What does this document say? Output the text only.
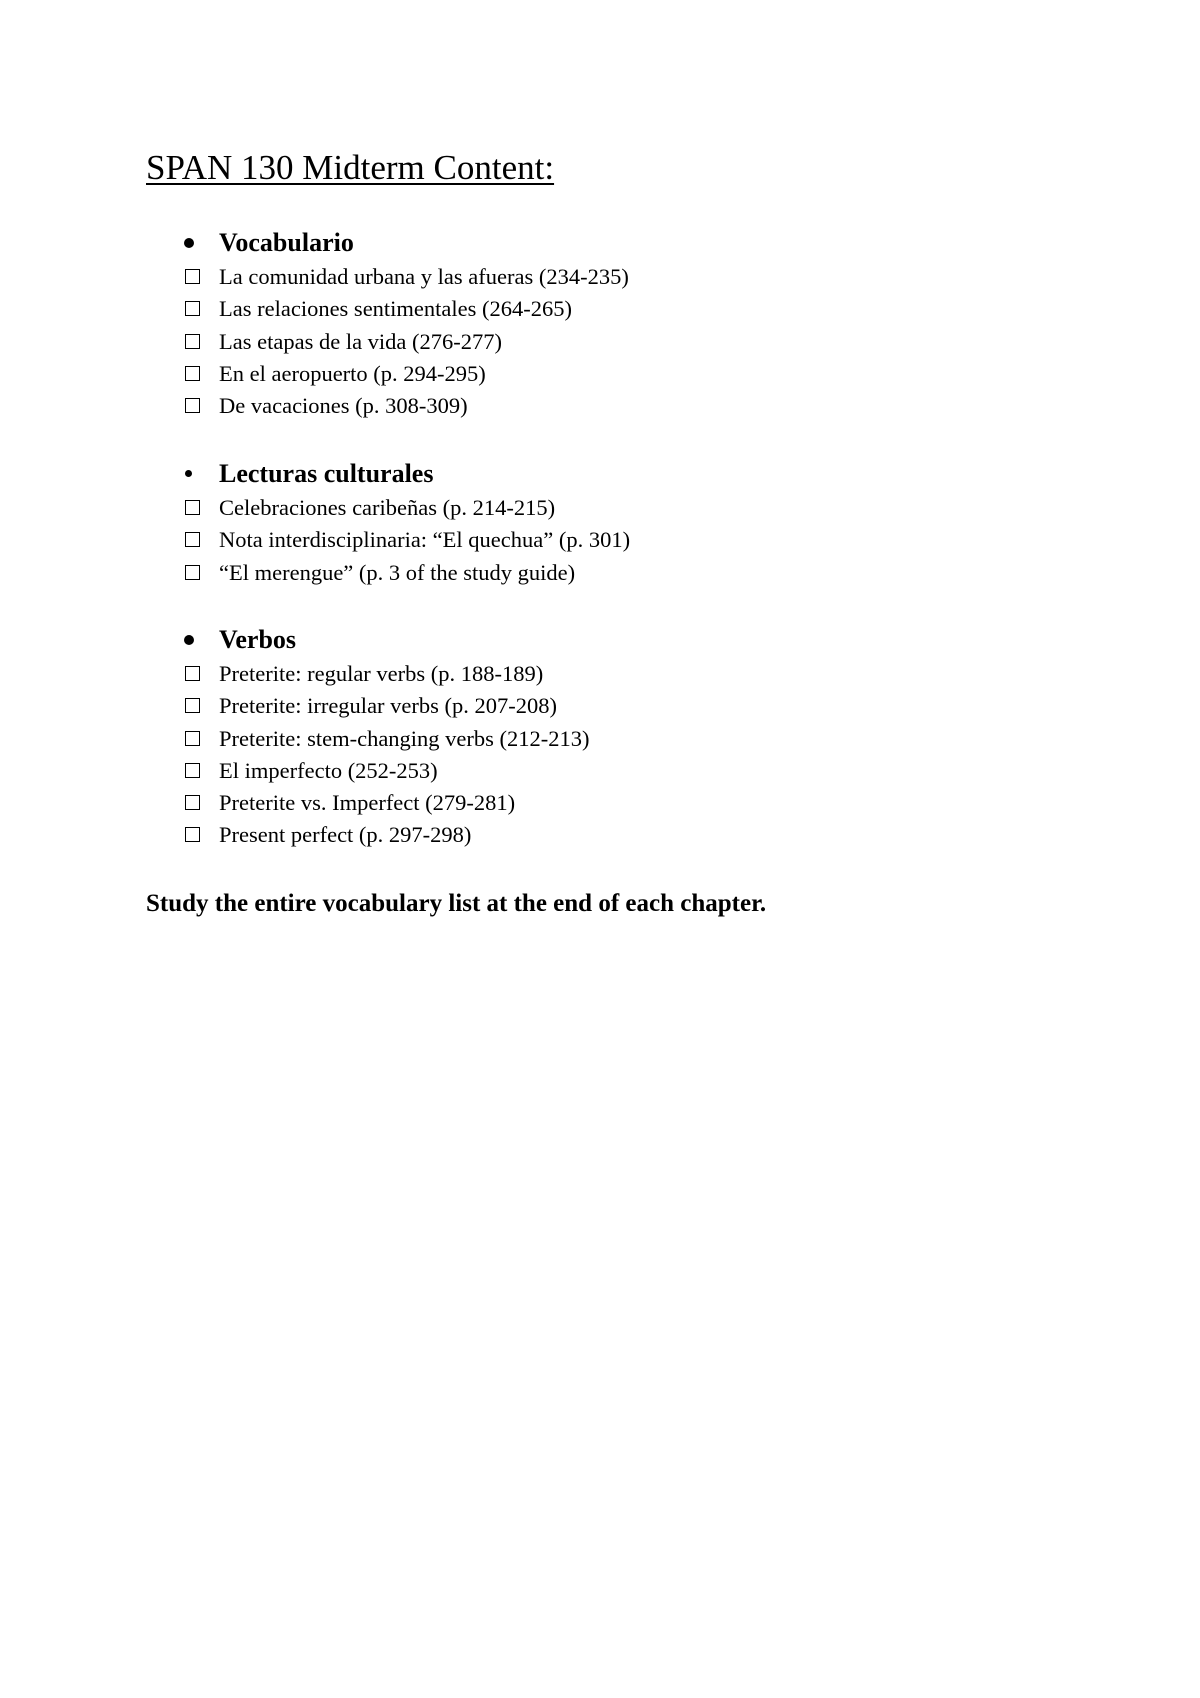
SPAN 130 Midterm Content:
Vocabulario
La comunidad urbana y las afueras (234-235)
Las relaciones sentimentales (264-265)
Las etapas de la vida (276-277)
En el aeropuerto (p. 294-295)
De vacaciones (p. 308-309)
Lecturas culturales
Celebraciones caribeñas (p. 214-215)
Nota interdisciplinaria: “El quechua” (p. 301)
“El merengue” (p. 3 of the study guide)
Verbos
Preterite: regular verbs (p. 188-189)
Preterite: irregular verbs (p. 207-208)
Preterite: stem-changing verbs (212-213)
El imperfecto (252-253)
Preterite vs. Imperfect (279-281)
Present perfect (p. 297-298)
Study the entire vocabulary list at the end of each chapter.
